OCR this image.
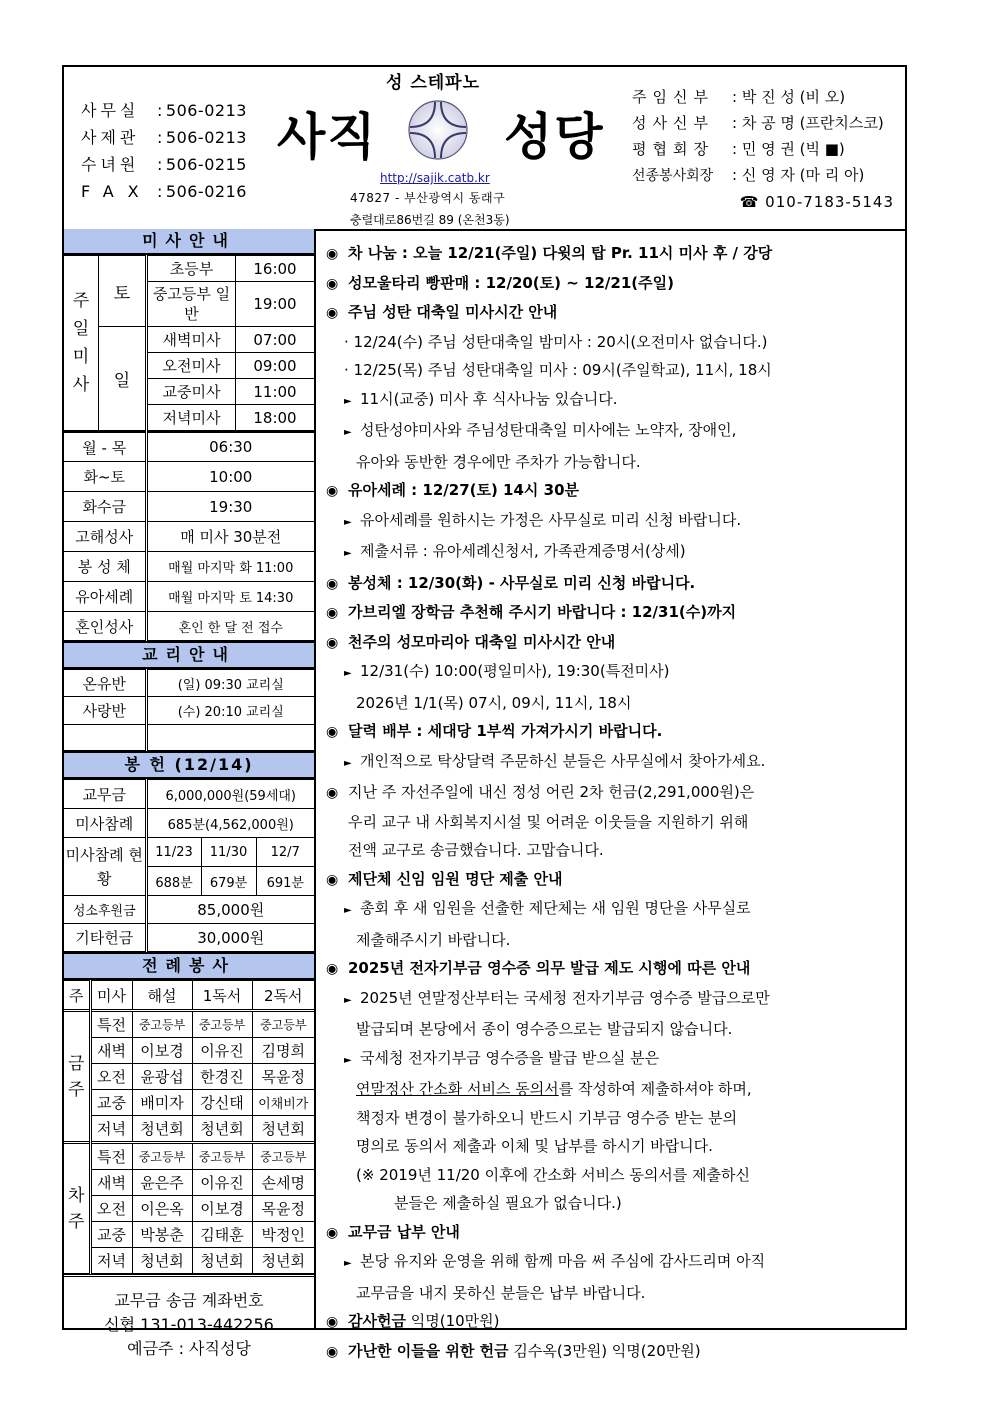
사무실 : 506-0213
사제관 : 506-0213
수녀원 : 506-0215
FAX : 506-0216
성 스테파노
사직	성당
http://sajik.catb.kr
47827 - 부산광역시 동래구
충렬대로86번길 89 (온천3동)
주임신부 : 박 진 성 (비 오)
성사신부 : 차 공 명 (프란치스코)
평협회장 : 민 영 권 (빅 ■)
선종봉사회장 : 신 영 자 (마 리 아)
☎ 010-7183-5143
미사안내
주일미사	토	초등부	16:00
		중고등부 일반	19:00
	일	새벽미사	07:00
		오전미사	09:00
		교중미사	11:00
		저녁미사	18:00
월 - 목	06:30
화~토	10:00
화수금	19:30
고해성사	매 미사 30분전
봉 성 체	매월 마지막 화 11:00
유아세례	매월 마지막 토 14:30
혼인성사	혼인 한 달 전 접수
교리안내
온유반	(일) 09:30 교리실
사랑반	(수) 20:10 교리실

봉 헌 (12/14)
교무금	6,000,000원(59세대)		
미사참례	685분(4,562,000원)		
미사참례 현황	11/23	11/30	12/7
	688분	679분	691분
성소후원금	85,000원		
기타헌금	30,000원		
전례봉사
주	미사	해설	1독서	2독서
금주	특전	중고등부	중고등부	중고등부
	새벽	이보경	이유진	김명희
	오전	윤광섭	한경진	목윤정
	교중	배미자	강신태	이채비가
	저녁	청년회	청년회	청년회
차주	특전	중고등부	중고등부	중고등부
	새벽	윤은주	이유진	손세명
	오전	이은옥	이보경	목윤정
	교중	박봉춘	김태훈	박정인
	저녁	청년회	청년회	청년회
교무금 송금 계좌번호
신협 131-013-442256
예금주 : 사직성당
◉ 차 나눔 : 오늘 12/21(주일) 다윗의 탑 Pr. 11시 미사 후 / 강당
◉ 성모울타리 빵판매 : 12/20(토) ~ 12/21(주일)
◉ 주님 성탄 대축일 미사시간 안내
· 12/24(수) 주님 성탄대축일 밤미사 : 20시(오전미사 없습니다.)
· 12/25(목) 주님 성탄대축일 미사 : 09시(주일학교), 11시, 18시
► 11시(교중) 미사 후 식사나눔 있습니다.
► 성탄성야미사와 주님성탄대축일 미사에는 노약자, 장애인,
유아와 동반한 경우에만 주차가 가능합니다.
◉ 유아세례 : 12/27(토) 14시 30분
► 유아세례를 원하시는 가정은 사무실로 미리 신청 바랍니다.
► 제출서류 : 유아세례신청서, 가족관계증명서(상세)
◉ 봉성체 : 12/30(화) - 사무실로 미리 신청 바랍니다.
◉ 가브리엘 장학금 추천해 주시기 바랍니다 : 12/31(수)까지
◉ 천주의 성모마리아 대축일 미사시간 안내
► 12/31(수) 10:00(평일미사), 19:30(특전미사)
2026년 1/1(목) 07시, 09시, 11시, 18시
◉ 달력 배부 : 세대당 1부씩 가져가시기 바랍니다.
► 개인적으로 탁상달력 주문하신 분들은 사무실에서 찾아가세요.
◉ 지난 주 자선주일에 내신 정성 어린 2차 헌금(2,291,000원)은
우리 교구 내 사회복지시설 및 어려운 이웃들을 지원하기 위해
전액 교구로 송금했습니다. 고맙습니다.
◉ 제단체 신임 임원 명단 제출 안내
► 총회 후 새 임원을 선출한 제단체는 새 임원 명단을 사무실로
제출해주시기 바랍니다.
◉ 2025년 전자기부금 영수증 의무 발급 제도 시행에 따른 안내
► 2025년 연말정산부터는 국세청 전자기부금 영수증 발급으로만
발급되며 본당에서 종이 영수증으로는 발급되지 않습니다.
► 국세청 전자기부금 영수증을 발급 받으실 분은
연말정산 간소화 서비스 동의서를 작성하여 제출하셔야 하며,
책정자 변경이 불가하오니 반드시 기부금 영수증 받는 분의
명의로 동의서 제출과 이체 및 납부를 하시기 바랍니다.
(※ 2019년 11/20 이후에 간소화 서비스 동의서를 제출하신
분들은 제출하실 필요가 없습니다.)
◉ 교무금 납부 안내
► 본당 유지와 운영을 위해 함께 마음 써 주심에 감사드리며 아직
교무금을 내지 못하신 분들은 납부 바랍니다.
◉ 감사헌금 익명(10만원)
◉ 가난한 이들을 위한 헌금 김수옥(3만원) 익명(20만원)
